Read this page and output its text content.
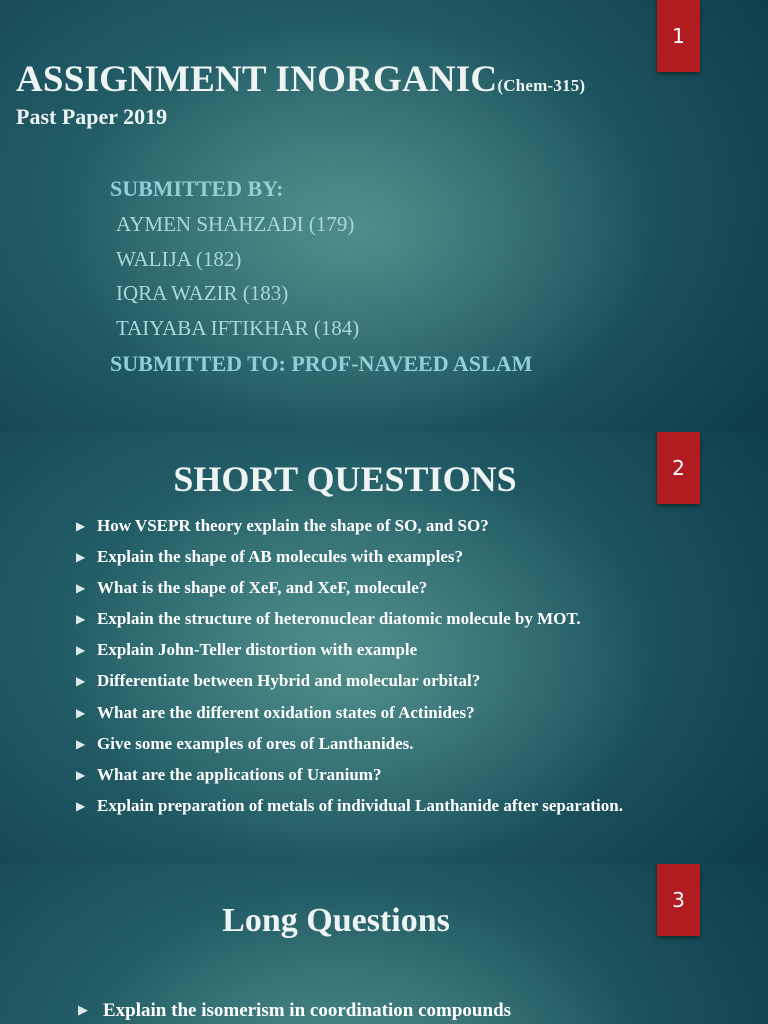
1
ASSIGNMENT INORGANIC(Chem-315)
Past Paper 2019
SUBMITTED BY:
AYMEN SHAHZADI (179)
WALIJA (182)
IQRA WAZIR (183)
TAIYABA IFTIKHAR (184)
SUBMITTED TO: PROF-NAVEED ASLAM
2
SHORT QUESTIONS
▶ How VSEPR theory explain the shape of SO, and SO?
▶ Explain the shape of AB molecules with examples?
▶ What is the shape of XeF, and XeF, molecule?
▶ Explain the structure of heteronuclear diatomic molecule by MOT.
▶ Explain John-Teller distortion with example
▶ Differentiate between Hybrid and molecular orbital?
▶ What are the different oxidation states of Actinides?
▶ Give some examples of ores of Lanthanides.
▶ What are the applications of Uranium?
▶ Explain preparation of metals of individual Lanthanide after separation.
3
Long Questions
▶ Explain the isomerism in coordination compounds
